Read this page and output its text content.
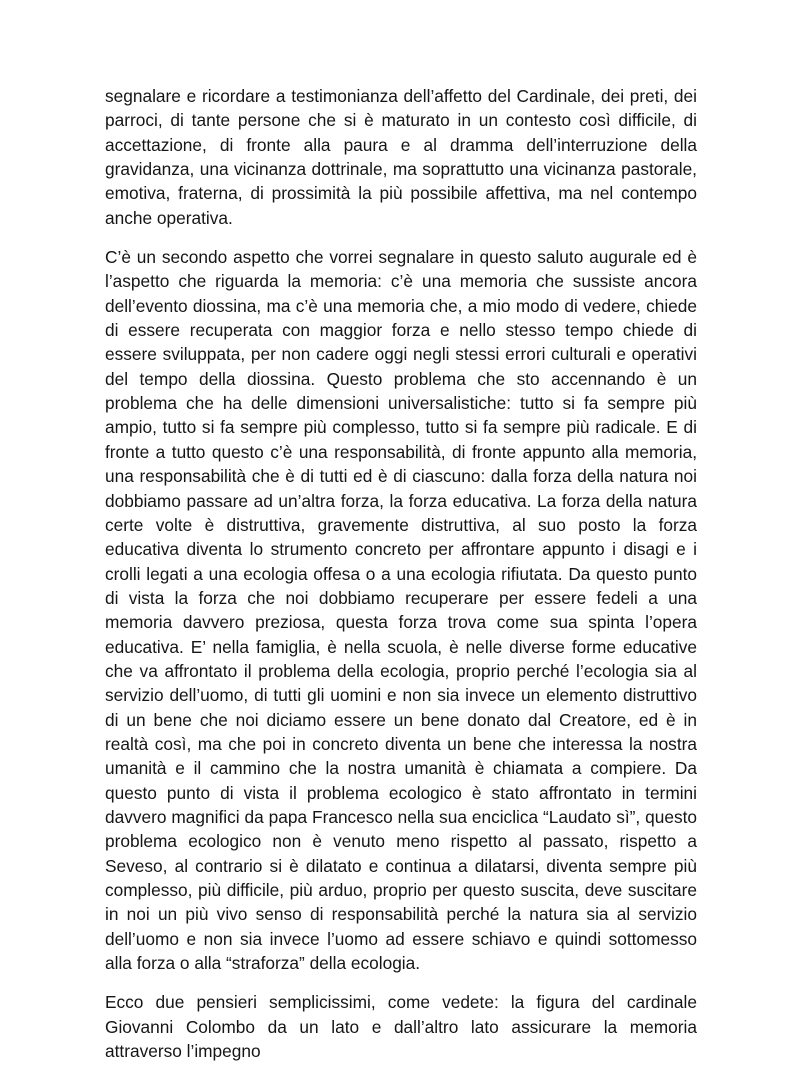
segnalare e ricordare a testimonianza dell’affetto del Cardinale, dei preti, dei parroci, di tante persone che si è maturato in un contesto così difficile, di accettazione, di fronte alla paura e al dramma dell’interruzione della gravidanza, una vicinanza dottrinale, ma soprattutto una vicinanza pastorale, emotiva, fraterna, di prossimità la più possibile affettiva, ma nel contempo anche operativa.

C’è un secondo aspetto che vorrei segnalare in questo saluto augurale ed è l’aspetto che riguarda la memoria: c’è una memoria che sussiste ancora dell’evento diossina, ma c’è una memoria che, a mio modo di vedere, chiede di essere recuperata con maggior forza e nello stesso tempo chiede di essere sviluppata, per non cadere oggi negli stessi errori culturali e operativi del tempo della diossina. Questo problema che sto accennando è un problema che ha delle dimensioni universalistiche: tutto si fa sempre più ampio, tutto si fa sempre più complesso, tutto si fa sempre più radicale. E di fronte a tutto questo c’è una responsabilità, di fronte appunto alla memoria, una responsabilità che è di tutti ed è di ciascuno: dalla forza della natura noi dobbiamo passare ad un’altra forza, la forza educativa. La forza della natura certe volte è distruttiva, gravemente distruttiva, al suo posto la forza educativa diventa lo strumento concreto per affrontare appunto i disagi e i crolli legati a una ecologia offesa o a una ecologia rifiutata. Da questo punto di vista la forza che noi dobbiamo recuperare per essere fedeli a una memoria davvero preziosa, questa forza trova come sua spinta l’opera educativa. E’ nella famiglia, è nella scuola, è nelle diverse forme educative che va affrontato il problema della ecologia, proprio perché l’ecologia sia al servizio dell’uomo, di tutti gli uomini e non sia invece un elemento distruttivo di un bene che noi diciamo essere un bene donato dal Creatore, ed è in realtà così, ma che poi in concreto diventa un bene che interessa la nostra umanità e il cammino che la nostra umanità è chiamata a compiere. Da questo punto di vista il problema ecologico è stato affrontato in termini davvero magnifici da papa Francesco nella sua enciclica “Laudato sì”, questo problema ecologico non è venuto meno rispetto al passato, rispetto a Seveso, al contrario si è dilatato e continua a dilatarsi, diventa sempre più complesso, più difficile, più arduo, proprio per questo suscita, deve suscitare in noi un più vivo senso di responsabilità perché la natura sia al servizio dell’uomo e non sia invece l’uomo ad essere schiavo e quindi sottomesso alla forza o alla “straforza” della ecologia.

Ecco due pensieri semplicissimi, come vedete: la figura del cardinale Giovanni Colombo da un lato e dall’altro lato assicurare la memoria attraverso l’impegno
